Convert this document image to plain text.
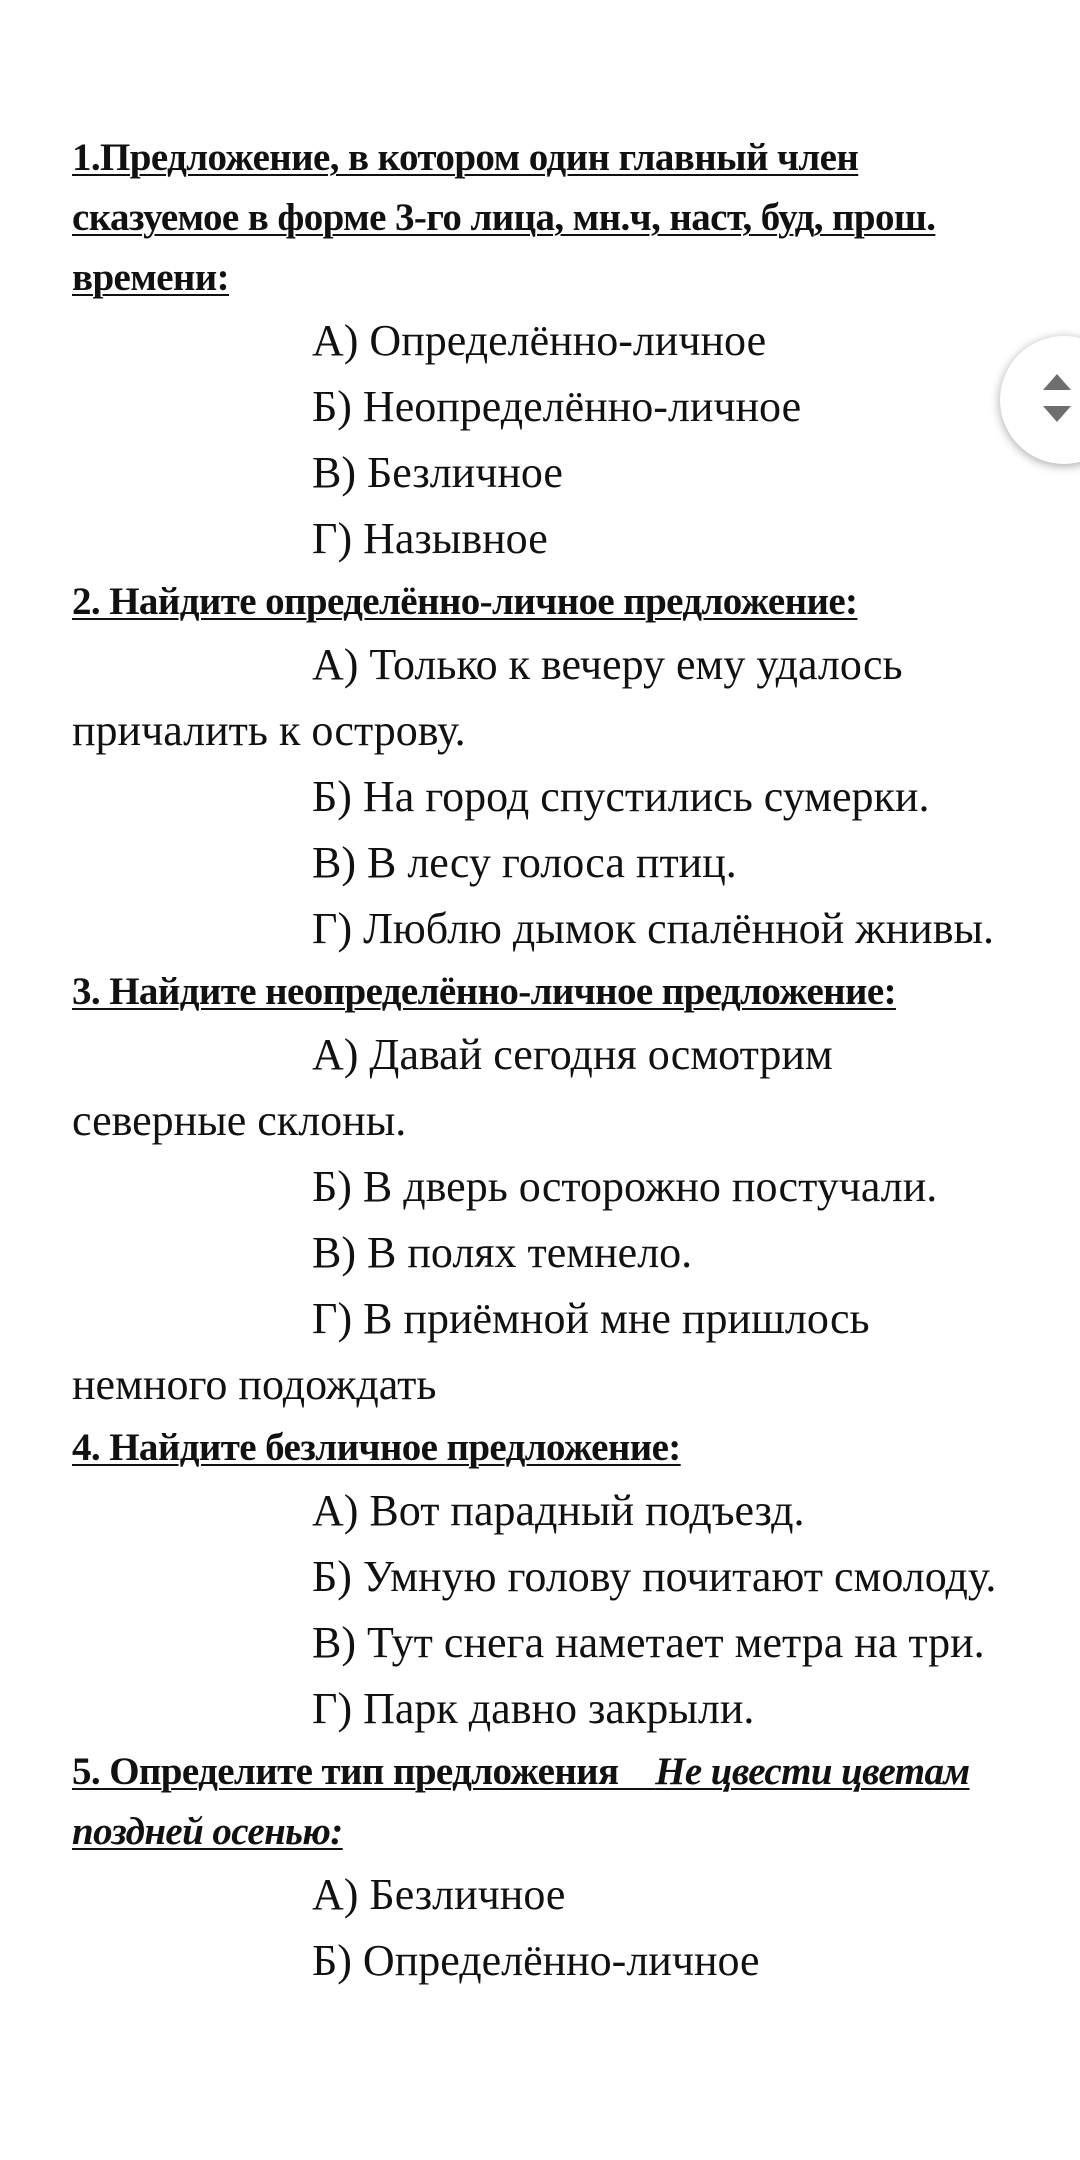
1.Предложение, в котором один главный член сказуемое в форме 3-го лица, мн.ч, наст, буд, прош. времени:

А) Определённо-личное

Б) Неопределённо-личное

В) Безличное

Г) Назывное

2. Найдите определённо-личное предложение:

А) Только к вечеру ему удалось причалить к острову.

Б) На город спустились сумерки.

В) В лесу голоса птиц.

Г) Люблю дымок спалённой жнивы.

3. Найдите неопределённо-личное предложение:

А) Давай сегодня осмотрим северные склоны.

Б) В дверь осторожно постучали.

В) В полях темнело.

Г) В приёмной мне пришлось немного подождать

4. Найдите безличное предложение:

А) Вот парадный подъезд.

Б) Умную голову почитают смолоду.

В) Тут снега наметает метра на три.

Г) Парк давно закрыли.

5. Определите тип предложения Не цвести цветам поздней осенью:

А) Безличное

Б) Определённо-личное
